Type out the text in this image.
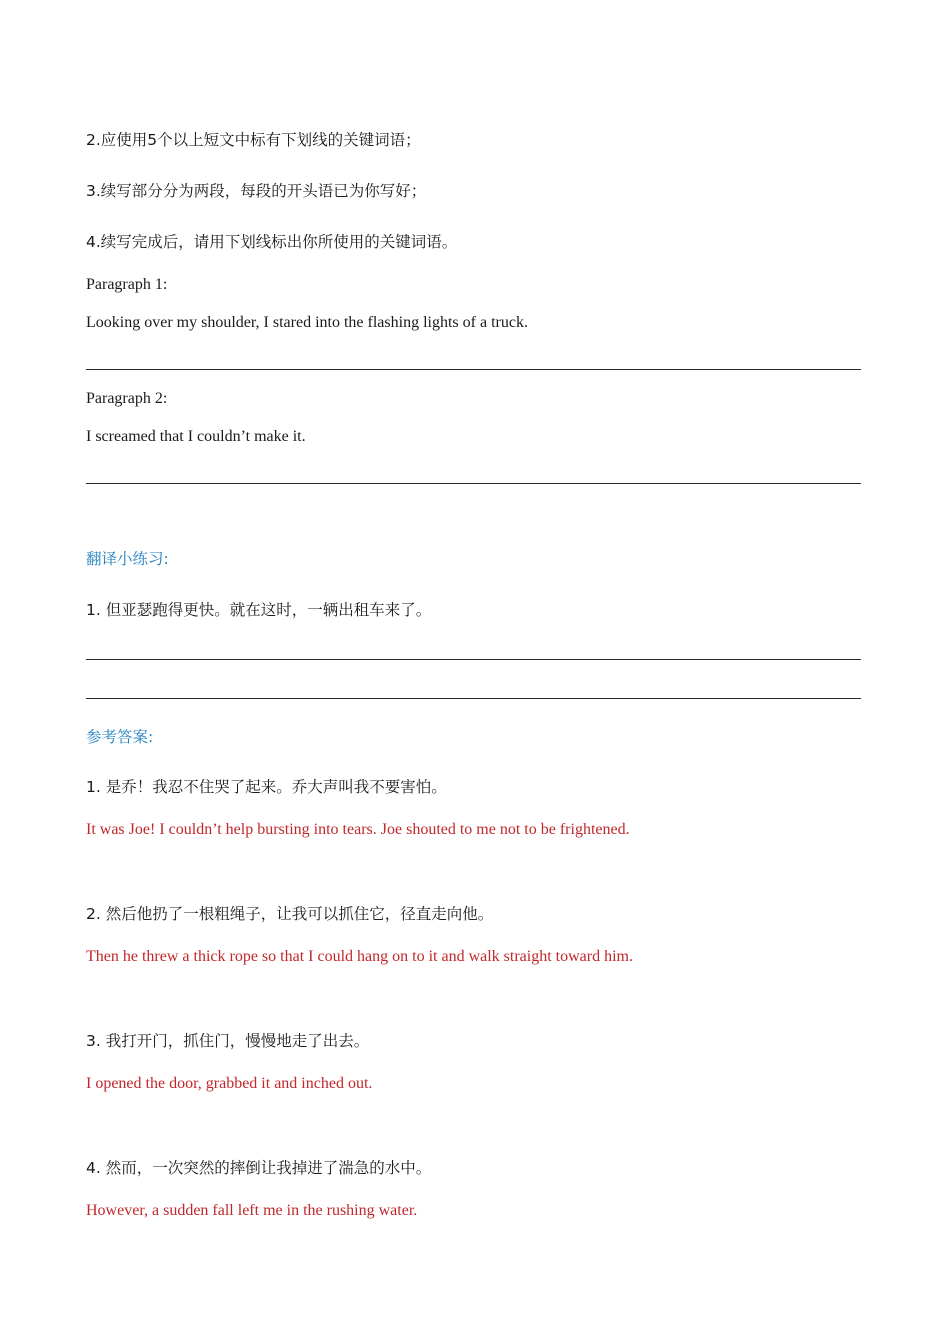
2.应使用5个以上短文中标有下划线的关键词语；
3.续写部分分为两段，每段的开头语已为你写好；
4.续写完成后，请用下划线标出你所使用的关键词语。
Paragraph 1:
Looking over my shoulder, I stared into the flashing lights of a truck.
Paragraph 2:
I screamed that I couldn’t make it.
翻译小练习:
1. 但亚瑟跑得更快。就在这时，一辆出租车来了。
参考答案:
1. 是乔！我忍不住哭了起来。乔大声叫我不要害怕。
It was Joe! I couldn’t help bursting into tears. Joe shouted to me not to be frightened.
2. 然后他扔了一根粗绳子，让我可以抓住它，径直走向他。
Then he threw a thick rope so that I could hang on to it and walk straight toward him.
3. 我打开门，抓住门，慢慢地走了出去。
I opened the door, grabbed it and inched out.
4. 然而，一次突然的摔倒让我掉进了湍急的水中。
However, a sudden fall left me in the rushing water.
